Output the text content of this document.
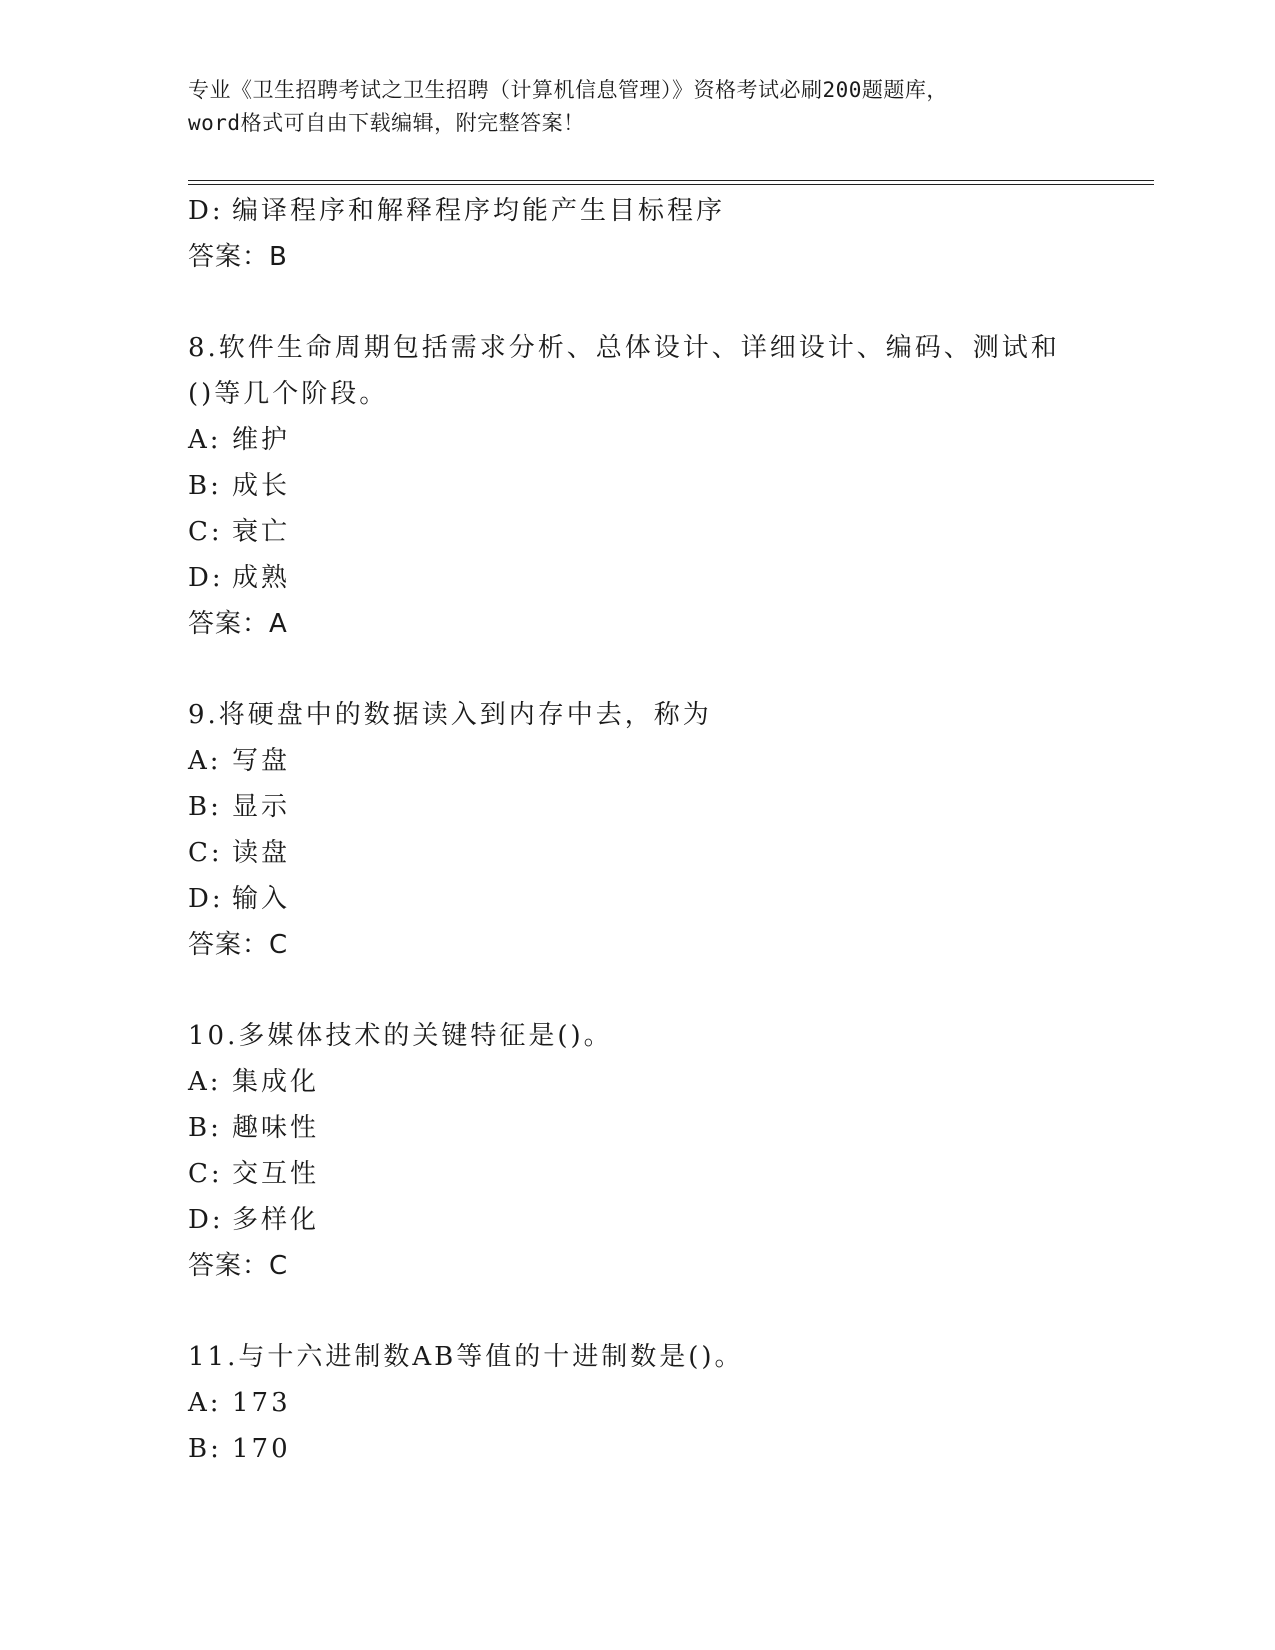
专业《卫生招聘考试之卫生招聘（计算机信息管理）》资格考试必刷200题题库，
word格式可自由下载编辑，附完整答案！
D: 编译程序和解释程序均能产生目标程序
答案：B
8.软件生命周期包括需求分析、总体设计、详细设计、编码、测试和
()等几个阶段。
A: 维护
B: 成长
C: 衰亡
D: 成熟
答案：A
9.将硬盘中的数据读入到内存中去，称为
A: 写盘
B: 显示
C: 读盘
D: 输入
答案：C
10.多媒体技术的关键特征是()。
A: 集成化
B: 趣味性
C: 交互性
D: 多样化
答案：C
11.与十六进制数AB等值的十进制数是()。
A: 173
B: 170
